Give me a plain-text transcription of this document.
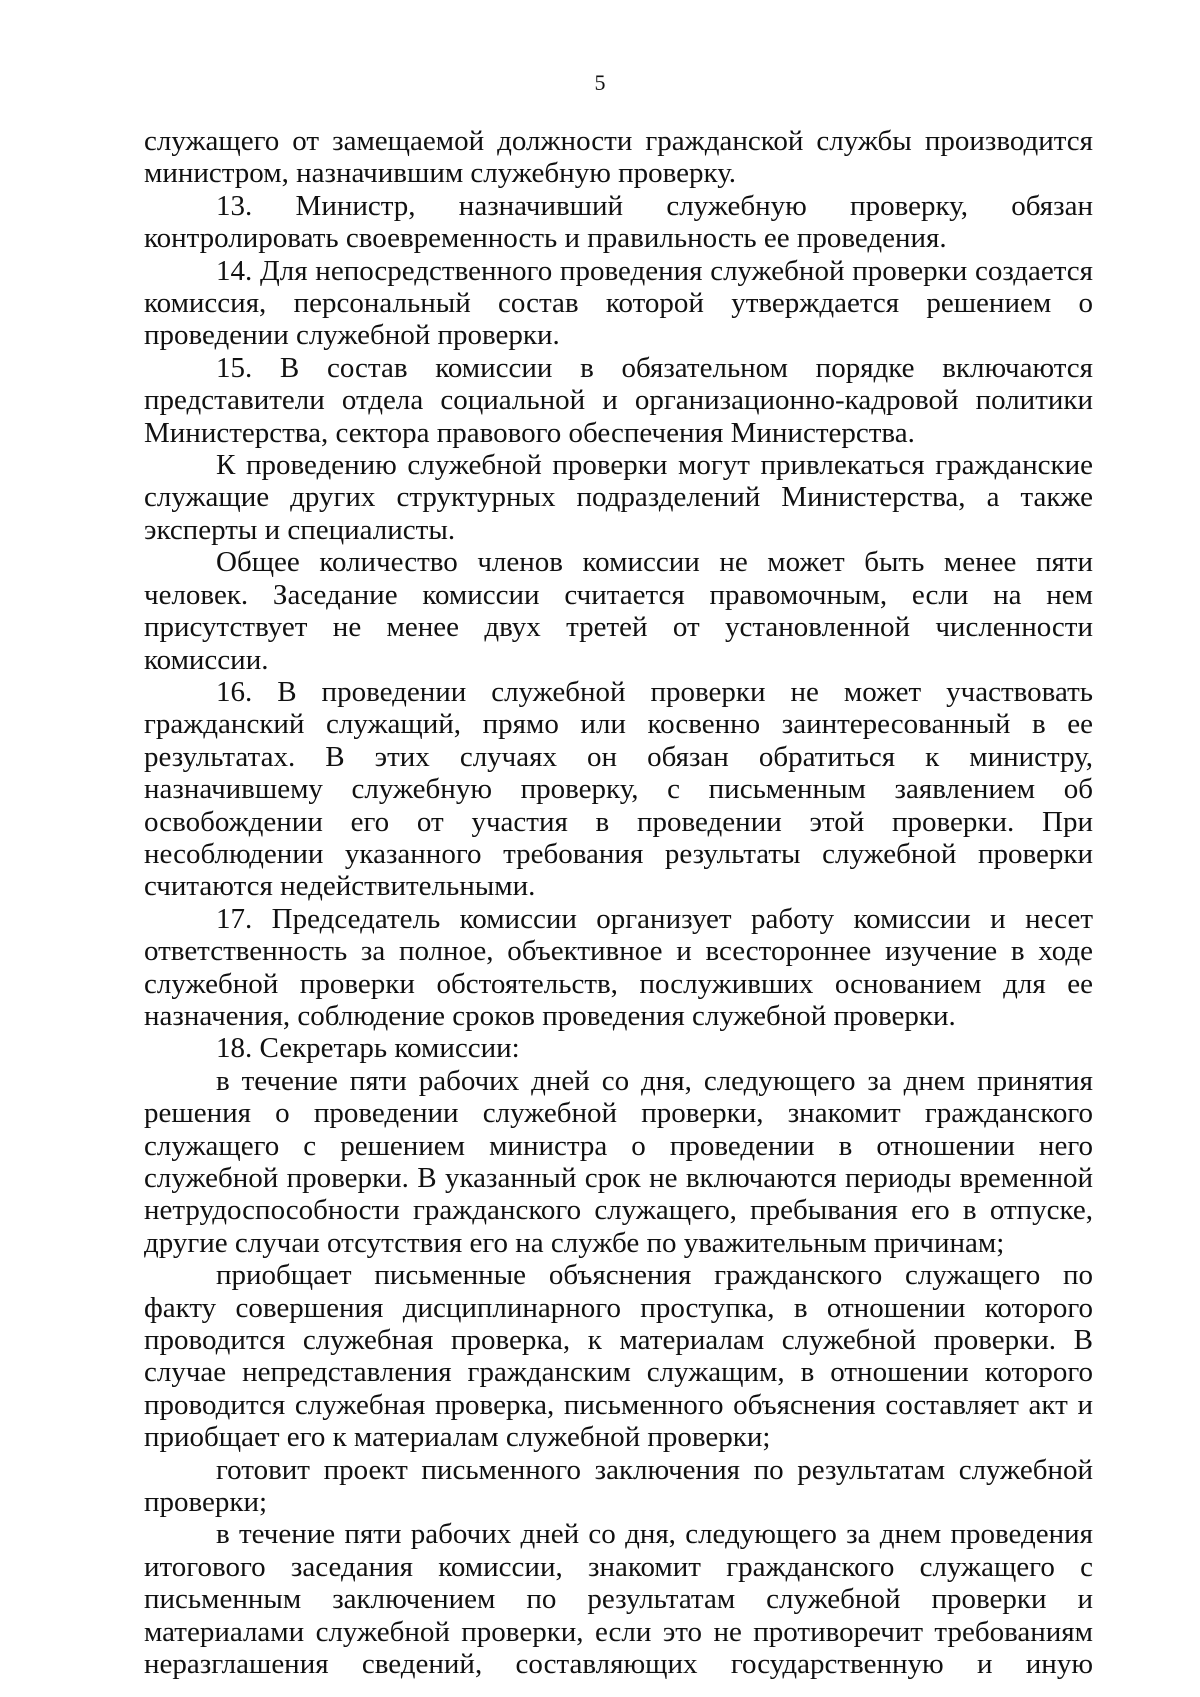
5

служащего от замещаемой должности гражданской службы производится министром, назначившим служебную проверку.

13. Министр, назначивший служебную проверку, обязан контролировать своевременность и правильность ее проведения.

14. Для непосредственного проведения служебной проверки создается комиссия, персональный состав которой утверждается решением о проведении служебной проверки.

15. В состав комиссии в обязательном порядке включаются представители отдела социальной и организационно-кадровой политики Министерства, сектора правового обеспечения Министерства.

К проведению служебной проверки могут привлекаться гражданские служащие других структурных подразделений Министерства, а также эксперты и специалисты.

Общее количество членов комиссии не может быть менее пяти человек. Заседание комиссии считается правомочным, если на нем присутствует не менее двух третей от установленной численности комиссии.

16. В проведении служебной проверки не может участвовать гражданский служащий, прямо или косвенно заинтересованный в ее результатах. В этих случаях он обязан обратиться к министру, назначившему служебную проверку, с письменным заявлением об освобождении его от участия в проведении этой проверки. При несоблюдении указанного требования результаты служебной проверки считаются недействительными.

17. Председатель комиссии организует работу комиссии и несет ответственность за полное, объективное и всестороннее изучение в ходе служебной проверки обстоятельств, послуживших основанием для ее назначения, соблюдение сроков проведения служебной проверки.

18. Секретарь комиссии:

в течение пяти рабочих дней со дня, следующего за днем принятия решения о проведении служебной проверки, знакомит гражданского служащего с решением министра о проведении в отношении него служебной проверки. В указанный срок не включаются периоды временной нетрудоспособности гражданского служащего, пребывания его в отпуске, другие случаи отсутствия его на службе по уважительным причинам;

приобщает письменные объяснения гражданского служащего по факту совершения дисциплинарного проступка, в отношении которого проводится служебная проверка, к материалам служебной проверки. В случае непредставления гражданским служащим, в отношении которого проводится служебная проверка, письменного объяснения составляет акт и приобщает его к материалам служебной проверки;

готовит проект письменного заключения по результатам служебной проверки;

в течение пяти рабочих дней со дня, следующего за днем проведения итогового заседания комиссии, знакомит гражданского служащего с письменным заключением по результатам служебной проверки и материалами служебной проверки, если это не противоречит требованиям неразглашения сведений, составляющих государственную и иную
